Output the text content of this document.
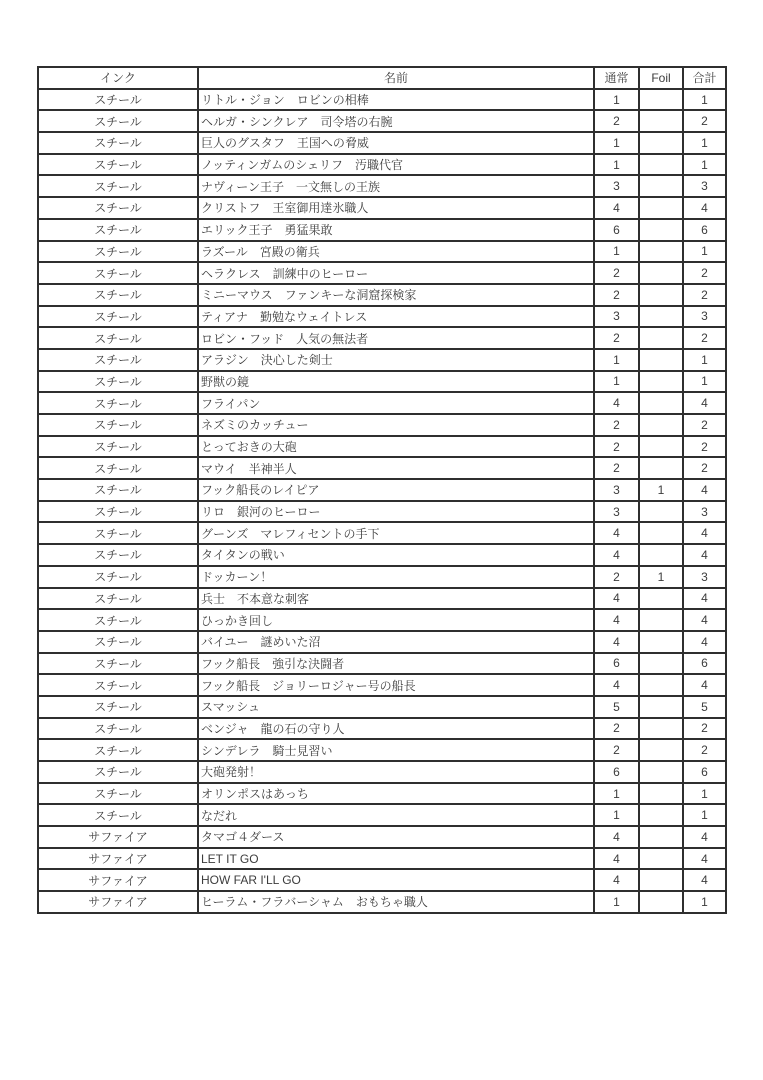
インク	名前	通常	Foil	合計
スチール	リトル・ジョン　ロビンの相棒	1		1
スチール	ヘルガ・シンクレア　司令塔の右腕	2		2
スチール	巨人のグスタフ　王国への脅威	1		1
スチール	ノッティンガムのシェリフ　汚職代官	1		1
スチール	ナヴィーン王子　一文無しの王族	3		3
スチール	クリストフ　王室御用達氷職人	4		4
スチール	エリック王子　勇猛果敢	6		6
スチール	ラズール　宮殿の衛兵	1		1
スチール	ヘラクレス　訓練中のヒーロー	2		2
スチール	ミニーマウス　ファンキーな洞窟探検家	2		2
スチール	ティアナ　勤勉なウェイトレス	3		3
スチール	ロビン・フッド　人気の無法者	2		2
スチール	アラジン　決心した剣士	1		1
スチール	野獣の鏡	1		1
スチール	フライパン	4		4
スチール	ネズミのカッチュー	2		2
スチール	とっておきの大砲	2		2
スチール	マウイ　半神半人	2		2
スチール	フック船長のレイピア	3	1	4
スチール	リロ　銀河のヒーロー	3		3
スチール	グーンズ　マレフィセントの手下	4		4
スチール	タイタンの戦い	4		4
スチール	ドッカーン！	2	1	3
スチール	兵士　不本意な刺客	4		4
スチール	ひっかき回し	4		4
スチール	バイユー　謎めいた沼	4		4
スチール	フック船長　強引な決闘者	6		6
スチール	フック船長　ジョリーロジャー号の船長	4		4
スチール	スマッシュ	5		5
スチール	ベンジャ　龍の石の守り人	2		2
スチール	シンデレラ　騎士見習い	2		2
スチール	大砲発射！	6		6
スチール	オリンポスはあっち	1		1
スチール	なだれ	1		1
サファイア	タマゴ４ダース	4		4
サファイア	LET IT GO	4		4
サファイア	HOW FAR I'LL GO	4		4
サファイア	ヒーラム・フラバーシャム　おもちゃ職人	1		1
